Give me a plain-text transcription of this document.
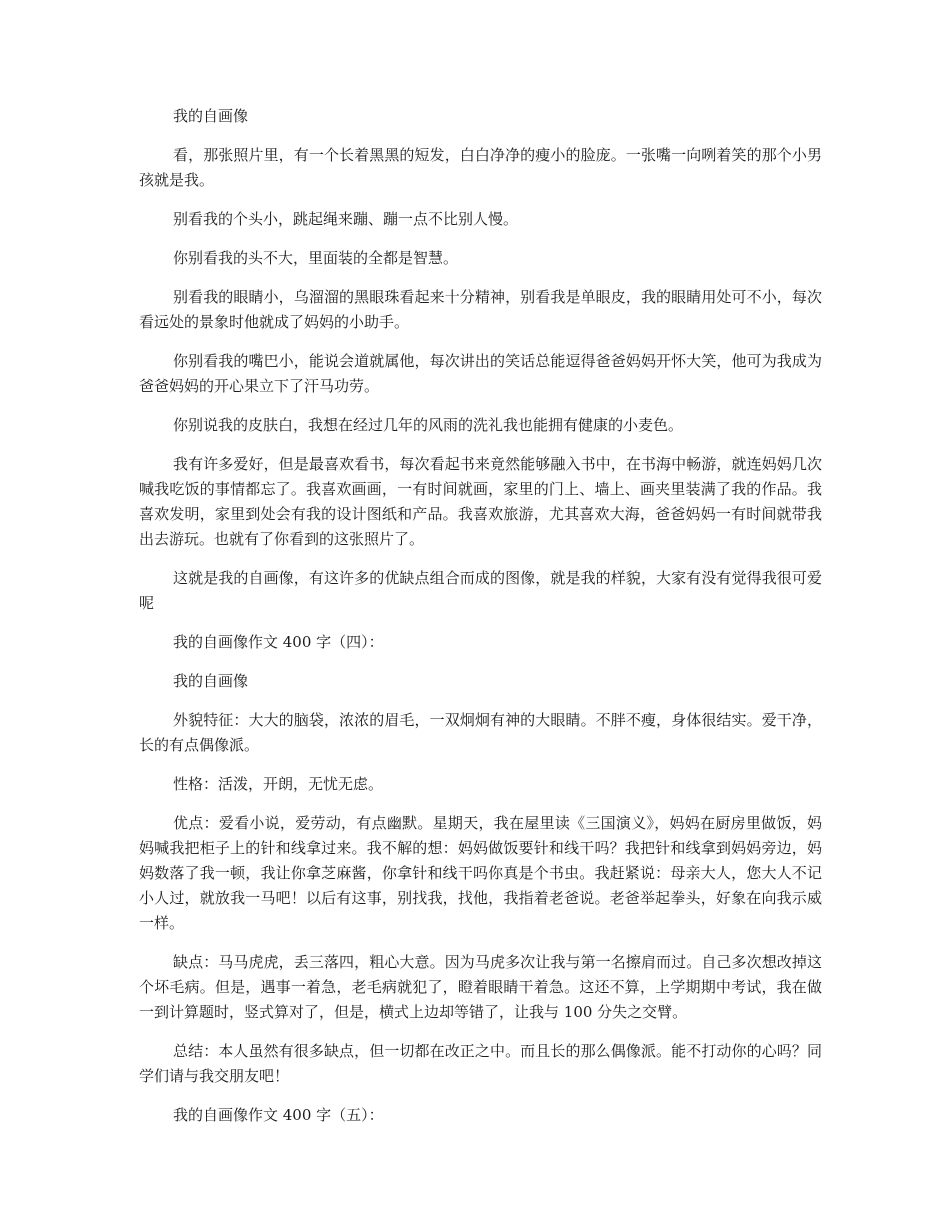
我的自画像

看，那张照片里，有一个长着黑黑的短发，白白净净的瘦小的脸庞。一张嘴一向咧着笑的那个小男孩就是我。

别看我的个头小，跳起绳来蹦、蹦一点不比别人慢。

你别看我的头不大，里面装的全都是智慧。

别看我的眼睛小，乌溜溜的黑眼珠看起来十分精神，别看我是单眼皮，我的眼睛用处可不小，每次看远处的景象时他就成了妈妈的小助手。

你别看我的嘴巴小，能说会道就属他，每次讲出的笑话总能逗得爸爸妈妈开怀大笑，他可为我成为爸爸妈妈的开心果立下了汗马功劳。

你别说我的皮肤白，我想在经过几年的风雨的洗礼我也能拥有健康的小麦色。

我有许多爱好，但是最喜欢看书，每次看起书来竟然能够融入书中，在书海中畅游，就连妈妈几次喊我吃饭的事情都忘了。我喜欢画画，一有时间就画，家里的门上、墙上、画夹里装满了我的作品。我喜欢发明，家里到处会有我的设计图纸和产品。我喜欢旅游，尤其喜欢大海，爸爸妈妈一有时间就带我出去游玩。也就有了你看到的这张照片了。

这就是我的自画像，有这许多的优缺点组合而成的图像，就是我的样貌，大家有没有觉得我很可爱呢

我的自画像作文 400 字（四）：

我的自画像

外貌特征：大大的脑袋，浓浓的眉毛，一双炯炯有神的大眼睛。不胖不瘦，身体很结实。爱干净，长的有点偶像派。

性格：活泼，开朗，无忧无虑。

优点：爱看小说，爱劳动，有点幽默。星期天，我在屋里读《三国演义》，妈妈在厨房里做饭，妈妈喊我把柜子上的针和线拿过来。我不解的想：妈妈做饭要针和线干吗？我把针和线拿到妈妈旁边，妈妈数落了我一顿，我让你拿芝麻酱，你拿针和线干吗你真是个书虫。我赶紧说：母亲大人，您大人不记小人过，就放我一马吧！以后有这事，别找我，找他，我指着老爸说。老爸举起拳头，好象在向我示威一样。

缺点：马马虎虎，丢三落四，粗心大意。因为马虎多次让我与第一名擦肩而过。自己多次想改掉这个坏毛病。但是，遇事一着急，老毛病就犯了，瞪着眼睛干着急。这还不算，上学期期中考试，我在做一到计算题时，竖式算对了，但是，横式上边却等错了，让我与 100 分失之交臂。

总结：本人虽然有很多缺点，但一切都在改正之中。而且长的那么偶像派。能不打动你的心吗？同学们请与我交朋友吧！

我的自画像作文 400 字（五）：
